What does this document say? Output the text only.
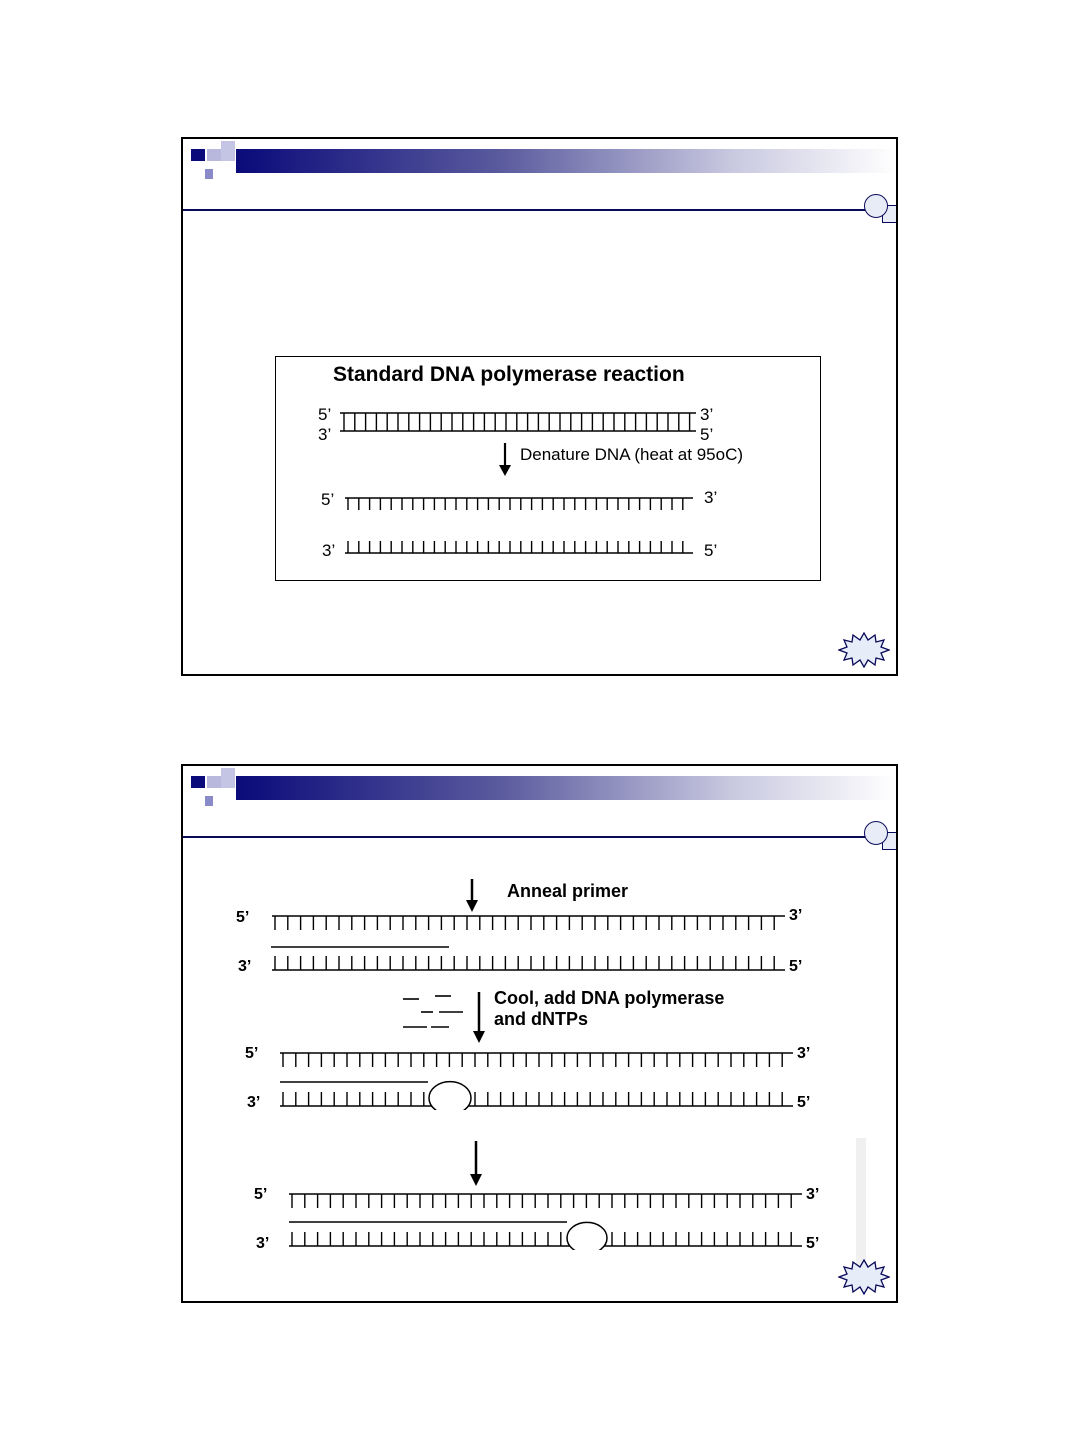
Standard DNA polymerase reaction
5’
3’
3’
5’
Denature DNA (heat at 95oC)
5’	3’
3’	5’
Anneal primer
5’	3’
3’	5’
Cool, add DNA polymerase
and dNTPs
5’	3’
3’	5’
5’	3’
3’	5’
